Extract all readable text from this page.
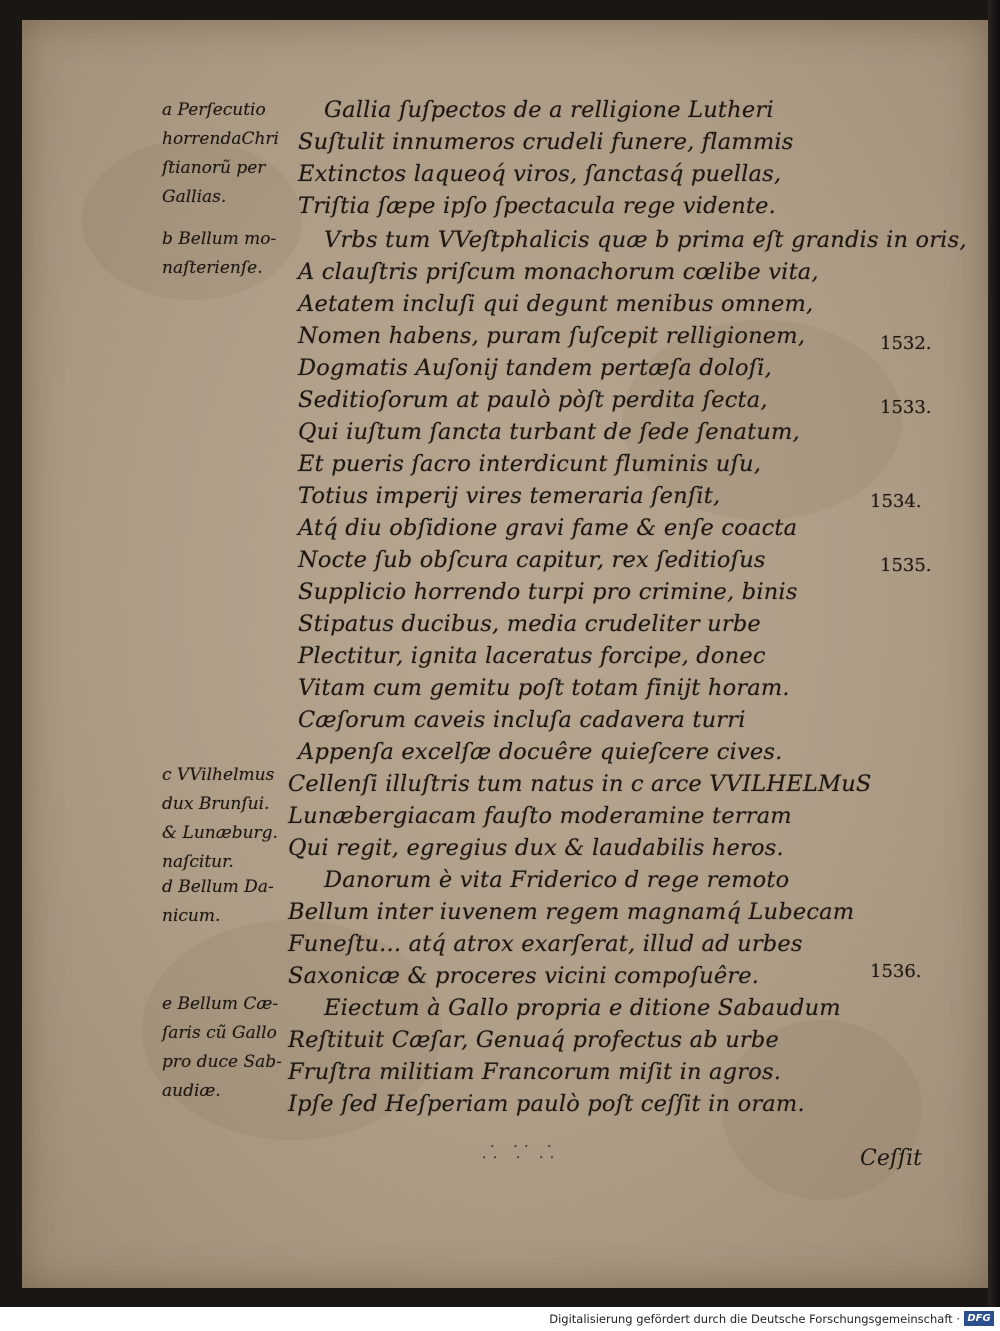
Gallia ſuſpectos de a relligione Lutheri
Suſtulit innumeros crudeli funere, flammis
Extinctos laqueoq́ viros, ſanctasq́ puellas,
Triſtia ſæpe ipſo ſpectacula rege vidente.
Vrbs tum VVeſtphalicis quæ b prima eſt grandis in oris,
A clauſtris priſcum monachorum cœlibe vita,
Aetatem incluſi qui degunt menibus omnem,
Nomen habens, puram ſuſcepit relligionem,
Dogmatis Auſonij tandem pertæſa doloſi,
Seditioſorum at paulò pòſt perdita ſecta,
Qui iuſtum ſancta turbant de ſede ſenatum,
Et pueris ſacro interdicunt fluminis uſu,
Totius imperij vires temeraria ſenſit,
Atq́ diu obſidione gravi fame & enſe coacta
Nocte ſub obſcura capitur, rex ſeditioſus
Supplicio horrendo turpi pro crimine, binis
Stipatus ducibus, media crudeliter urbe
Plectitur, ignita laceratus forcipe, donec
Vitam cum gemitu poſt totam finijt horam.
Cæſorum caveis incluſa cadavera turri
Appenſa excelſæ docuêre quieſcere cives.
Cellenſi illuſtris tum natus in c arce VVILHELMuS
Lunæbergiacam fauſto moderamine terram
Qui regit, egregius dux & laudabilis heros.
Danorum è vita Friderico d rege remoto
Bellum inter iuvenem regem magnamq́ Lubecam
Funeſtu... atq́ atrox exarſerat, illud ad urbes
Saxonicæ & proceres vicini compoſuêre.
Eiectum à Gallo propria e ditione Sabaudum
Reſtituit Cæſar, Genuaq́ profectus ab urbe
Fruſtra militiam Francorum miſit in agros.
Ipſe ſed Heſperiam paulò poſt ceſſit in oram.
a Perſecutio
horrendaChri
ſtianorũ per
Gallias.
b Bellum mo-
naſterienſe.
c VVilhelmus
dux Brunſui.
& Lunæburg.
naſcitur.
d Bellum Da-
nicum.
e Bellum Cæ-
ſaris cũ Gallo
pro duce Sab-
audiæ.
1532.
1533.
1534.
1535.
1536.
⸫ ⸪ ⸫	Ceſſit
Digitalisierung gefördert durch die Deutsche Forschungsgemeinschaft · DFG
